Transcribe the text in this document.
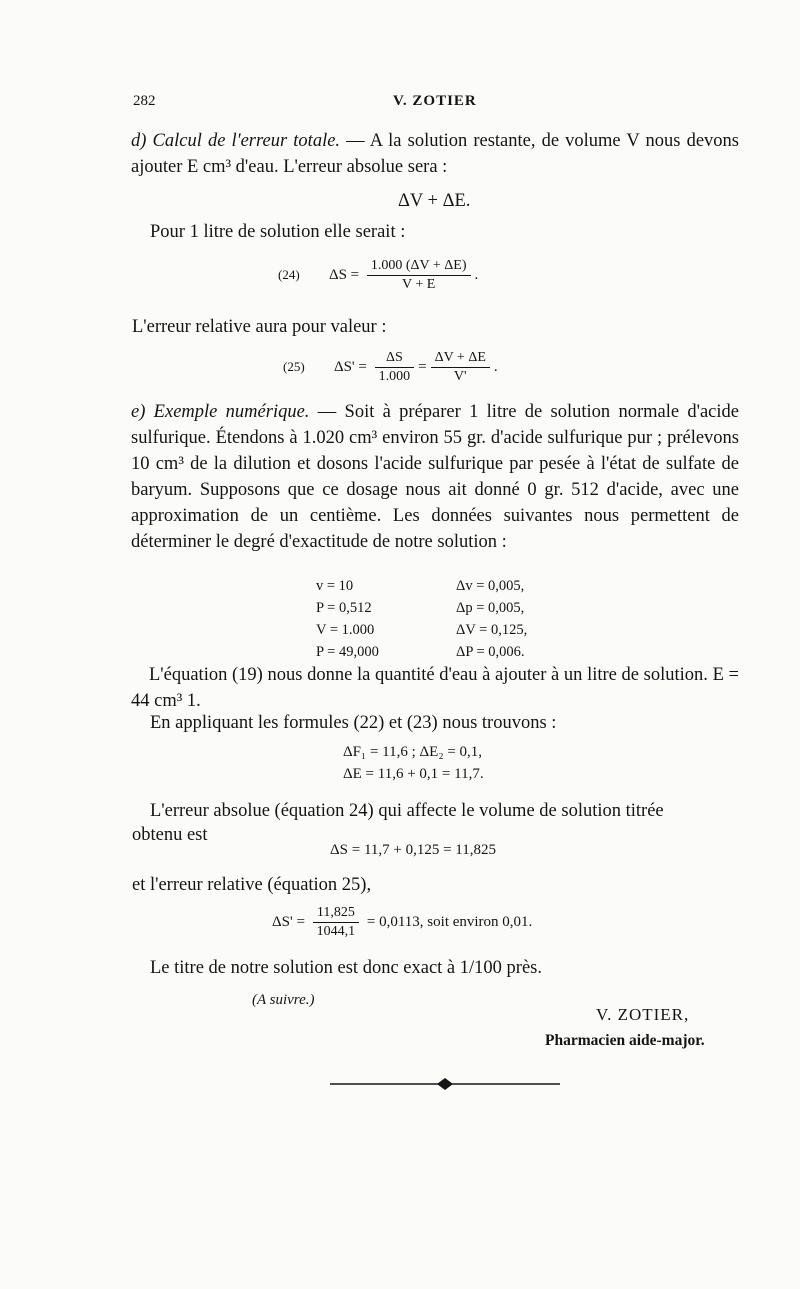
282	V. ZOTIER
d) Calcul de l'erreur totale. — A la solution restante, de volume V nous devons ajouter E cm³ d'eau. L'erreur absolue sera :
ΔV + ΔE.
Pour 1 litre de solution elle serait :
(24) $\Delta S = \frac{1.000 (\Delta V + \Delta E)}{V + E}$ .
L'erreur relative aura pour valeur :
(25) $\Delta S' = \frac{\Delta S}{1.000} = \frac{\Delta V + \Delta E}{V'}$ .
e) Exemple numérique. — Soit à préparer 1 litre de solution normale d'acide sulfurique. Étendons à 1.020 cm³ environ 55 gr. d'acide sulfurique pur ; prélevons 10 cm³ de la dilution et dosons l'acide sulfurique par pesée à l'état de sulfate de baryum. Supposons que ce dosage nous ait donné 0 gr. 512 d'acide, avec une approximation de un centième. Les données suivantes nous permettent de déterminer le degré d'exactitude de notre solution :
v = 10	Δv = 0,005,
P = 0,512	Δp = 0,005,
V = 1.000	ΔV = 0,125,
P = 49,000	ΔP = 0,006.
L'équation (19) nous donne la quantité d'eau à ajouter à un litre de solution. E = 44 cm³ 1.
En appliquant les formules (22) et (23) nous trouvons :
ΔF₁ = 11,6 ; ΔE₂ = 0,1,
ΔE = 11,6 + 0,1 = 11,7.
L'erreur absolue (équation 24) qui affecte le volume de solution titrée
obtenu est
ΔS = 11,7 + 0,125 = 11,825
et l'erreur relative (équation 25),
$\Delta S' = \frac{11,825}{1044,1} = 0,0113$, soit environ 0,01.
Le titre de notre solution est donc exact à 1/100 près.
(A suivre.)
V. ZOTIER,
Pharmacien aide-major.
